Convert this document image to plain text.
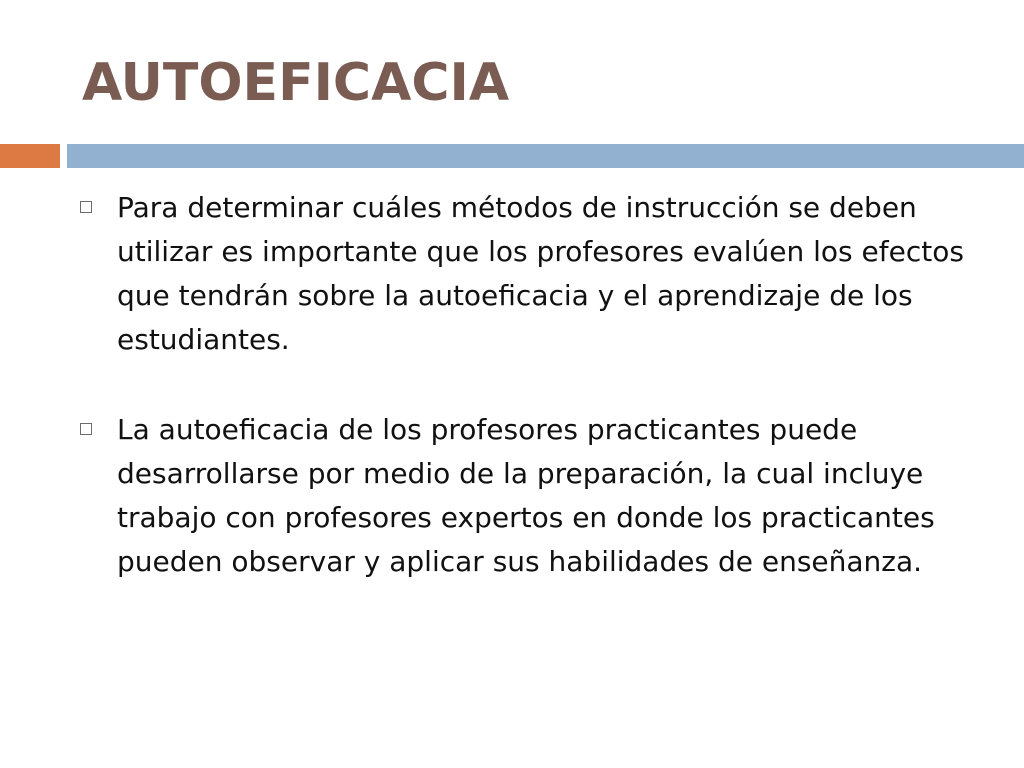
AUTOEFICACIA

Para determinar cuáles métodos de instrucción se deben utilizar es importante que los profesores evalúen los efectos que tendrán sobre la autoeficacia y el aprendizaje de los estudiantes.

La autoeficacia de los profesores practicantes puede desarrollarse por medio de la preparación, la cual incluye trabajo con profesores expertos en donde los practicantes pueden observar y aplicar sus habilidades de enseñanza.
